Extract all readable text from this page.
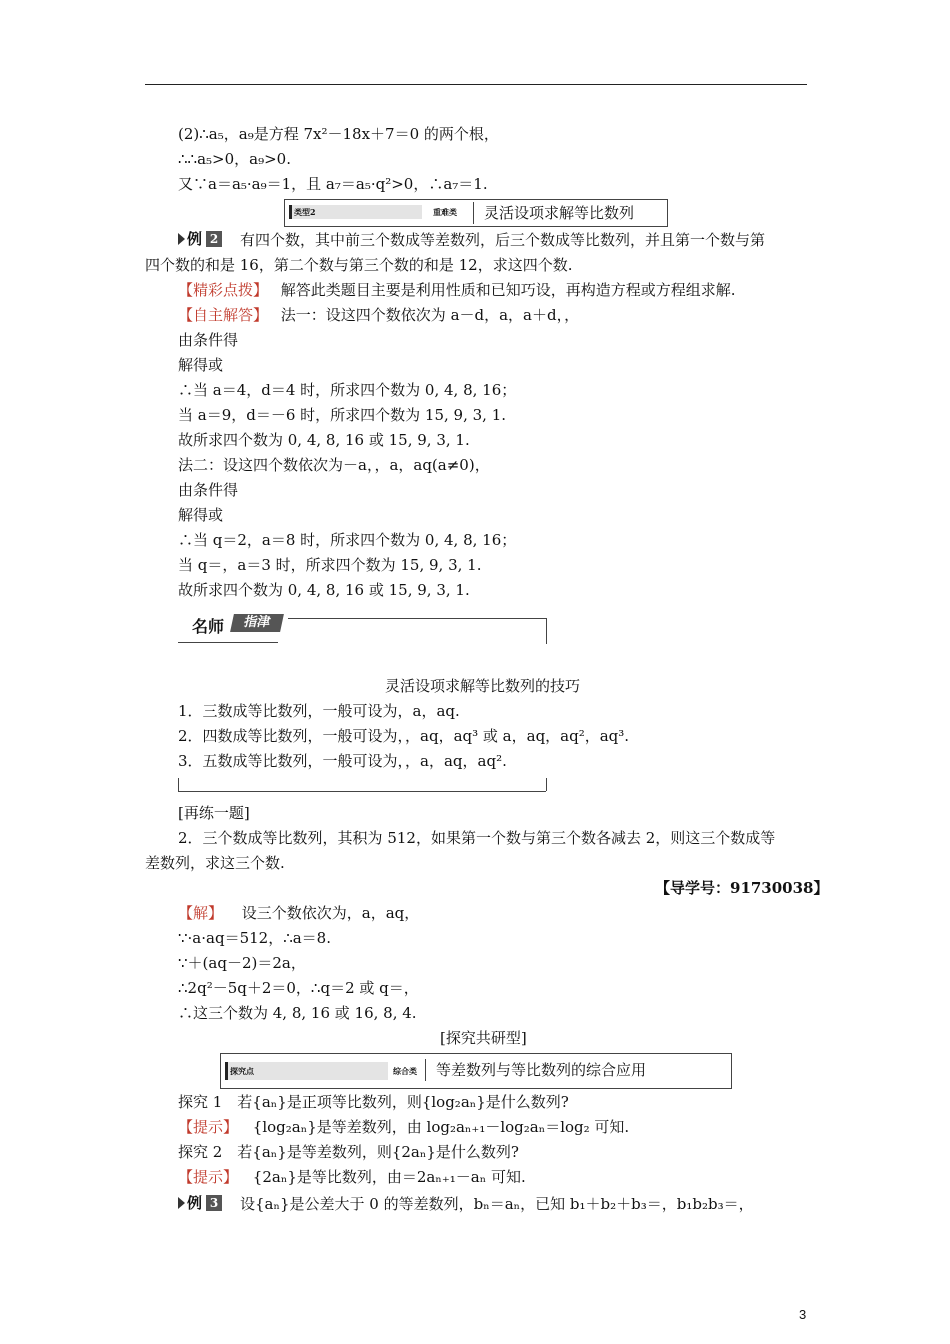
(2)∴a₅，a₉是方程 7x²－18x＋7＝0 的两个根，
∴∴a₅>0，a₉>0.
又∵a＝a₅·a₉＝1，且 a₇＝a₅·q²>0，∴a₇＝1.
类型2	重难类	灵活设项求解等比数列
例 2 有四个数，其中前三个数成等差数列，后三个数成等比数列，并且第一个数与第
四个数的和是 16，第二个数与第三个数的和是 12，求这四个数.
【精彩点拨】 解答此类题目主要是利用性质和已知巧设，再构造方程或方程组求解.
【自主解答】 法一：设这四个数依次为 a－d，a，a＋d，，
由条件得
解得或
∴当 a＝4，d＝4 时，所求四个数为 0, 4, 8, 16；
当 a＝9，d＝－6 时，所求四个数为 15, 9, 3, 1.
故所求四个数为 0, 4, 8, 16 或 15, 9, 3, 1.
法二：设这四个数依次为－a，，a，aq(a≠0)，
由条件得
解得或
∴当 q＝2，a＝8 时，所求四个数为 0, 4, 8, 16；
当 q＝，a＝3 时，所求四个数为 15, 9, 3, 1.
故所求四个数为 0, 4, 8, 16 或 15, 9, 3, 1.
名师	指津
灵活设项求解等比数列的技巧
1．三数成等比数列，一般可设为，a，aq.
2．四数成等比数列，一般可设为，，aq，aq³ 或 a，aq，aq²，aq³.
3．五数成等比数列，一般可设为，，a，aq，aq².
[再练一题]
2．三个数成等比数列，其积为 512，如果第一个数与第三个数各减去 2，则这三个数成等
差数列，求这三个数.
【导学号：91730038】
【解】 设三个数依次为，a，aq，
∵·a·aq＝512，∴a＝8.
∵＋(aq－2)＝2a，
∴2q²－5q＋2＝0，∴q＝2 或 q＝，
∴这三个数为 4, 8, 16 或 16, 8, 4.
[探究共研型]
探究点	综合类	等差数列与等比数列的综合应用
探究 1　若{aₙ}是正项等比数列，则{log₂aₙ}是什么数列?
【提示】 {log₂aₙ}是等差数列，由 log₂aₙ₊₁－log₂aₙ＝log₂ 可知.
探究 2　若{aₙ}是等差数列，则{2aₙ}是什么数列?
【提示】 {2aₙ}是等比数列，由＝2aₙ₊₁－aₙ 可知.
例 3 设{aₙ}是公差大于 0 的等差数列，bₙ＝aₙ，已知 b₁＋b₂＋b₃＝，b₁b₂b₃＝，
3
